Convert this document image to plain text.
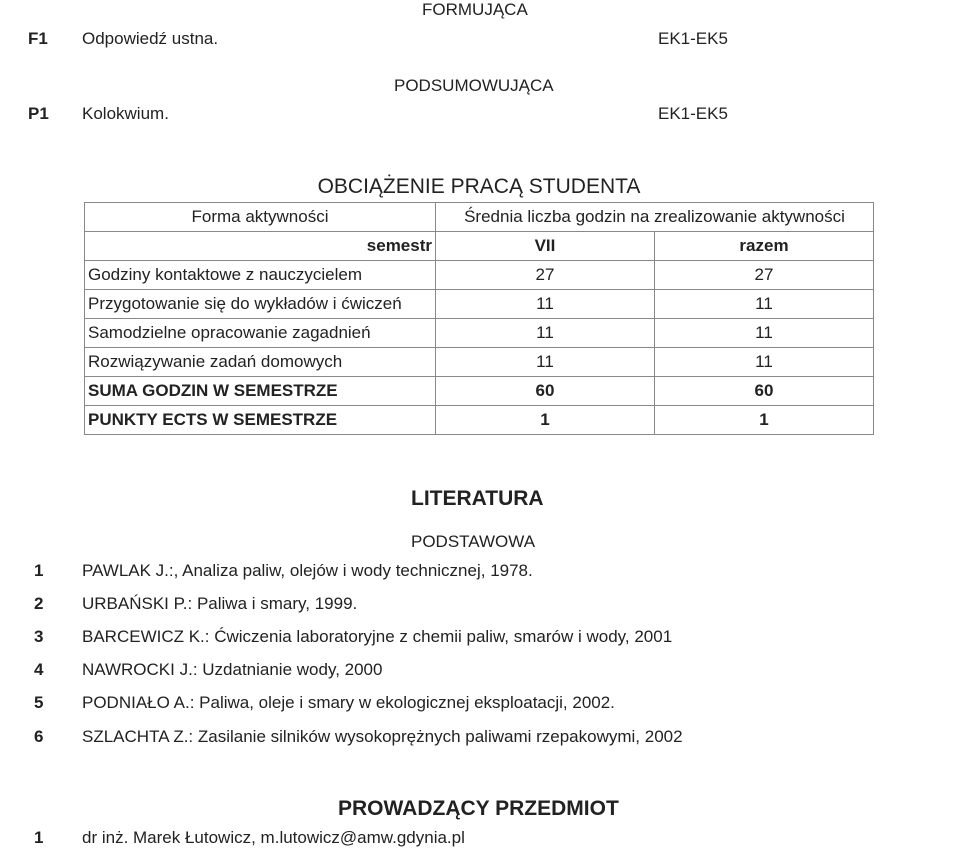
FORMUJĄCA
F1 Odpowiedź ustna.	EK1-EK5
PODSUMOWUJĄCA
P1 Kolokwium.	EK1-EK5
OBCIĄŻENIE PRACĄ STUDENTA
Forma aktywności	Średnia liczba godzin na zrealizowanie aktywności	
semestr	VII	razem
Godziny kontaktowe z nauczycielem	27	27
Przygotowanie się do wykładów i ćwiczeń	11	11
Samodzielne opracowanie zagadnień	11	11
Rozwiązywanie zadań domowych	11	11
SUMA GODZIN W SEMESTRZE	60	60
PUNKTY ECTS W SEMESTRZE	1	1
LITERATURA
PODSTAWOWA
1 PAWLAK J.:, Analiza paliw, olejów i wody technicznej, 1978.
2 URBAŃSKI P.: Paliwa i smary, 1999.
3 BARCEWICZ K.: Ćwiczenia laboratoryjne z chemii paliw, smarów i wody, 2001
4 NAWROCKI J.: Uzdatnianie wody, 2000
5 PODNIAŁO A.: Paliwa, oleje i smary w ekologicznej eksploatacji, 2002.
6 SZLACHTA Z.: Zasilanie silników wysokoprężnych paliwami rzepakowymi, 2002
PROWADZĄCY PRZEDMIOT
1 dr inż. Marek Łutowicz, m.lutowicz@amw.gdynia.pl
